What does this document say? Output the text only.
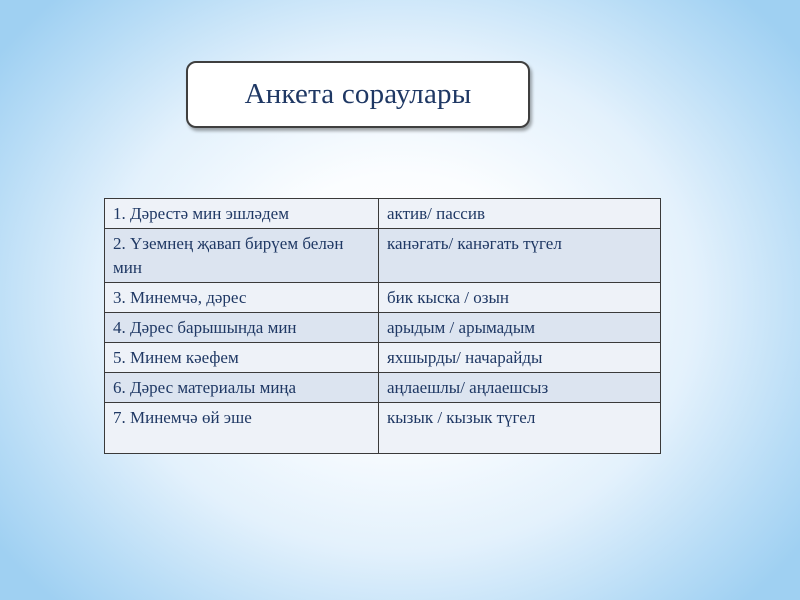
Анкета сораулары
1. Дәрестә мин эшләдем	актив/ пассив
2. Үземнең җавап бирүем белән мин	канәгать/ канәгать түгел
3. Минемчә, дәрес	бик кыска / озын
4. Дәрес барышында мин	арыдым / арымадым
5. Минем кәефем	яхшырды/ начарайды
6. Дәрес материалы миңа	аңлаешлы/ аңлаешсыз
7. Минемчә өй эше	кызык / кызык түгел
